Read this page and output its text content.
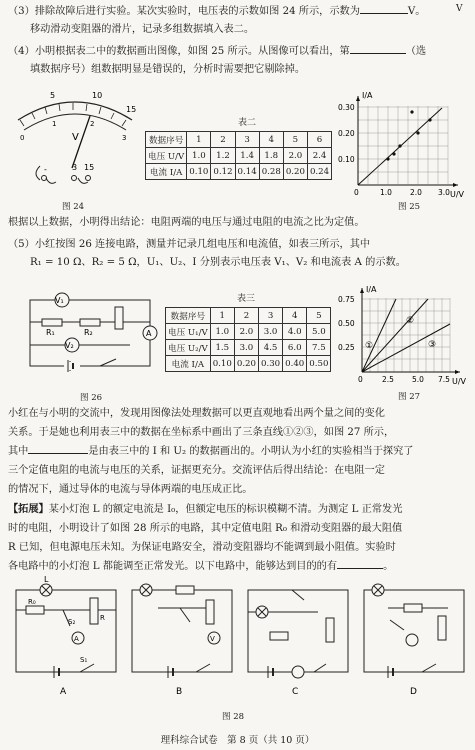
（3）排除故障后进行实验。某次实验时，电压表的示数如图 24 所示，示数为	V。
移动滑动变阻器的滑片，记录多组数据填入表二。
V
（4）小明根据表二中的数据画出图像，如图 25 所示。从图像可以看出，第	（选
填数据序号）组数据明显是错误的，分析时需要把它剔除掉。
5	10
15
0
1	2
3
V
-	3 15
图 24
表二
数据序号	1	2	3	4	5	6
电压 U/V	1.0	1.2	1.4	1.8	2.0	2.4
电流 I/A	0.10	0.12	0.14	0.28	0.20	0.24
I/A
U/V
0.30
0.20
0.10
0	1.0 2.0 3.0
图 25
根据以上数据，小明得出结论：电阻两端的电压与通过电阻的电流之比为定值。
（5）小红按图 26 连接电路，测量并记录几组电压和电流值，如表三所示，其中
R₁ = 10 Ω、R₂ = 5 Ω，U₁、U₂、I 分别表示电压表 V₁、V₂ 和电流表 A 的示数。
V₁
R₁	R₂
V₂
A
图 26
表三
数据序号	1	2	3	4	5
电压 U₁/V	1.0	2.0	3.0	4.0	5.0
电压 U₂/V	1.5	3.0	4.5	6.0	7.5
电流 I/A	0.10	0.20	0.30	0.40	0.50
①
②
③
I/A
U/V
0.75
0.50
0.25
0	2.5 5.0 7.5
图 27
小红在与小明的交流中，发现用图像法处理数据可以更直观地看出两个量之间的变化
关系。于是她也利用表三中的数据在坐标系中画出了三条直线①②③，如图 27 所示，
其中	是由表三中的 I 和 U₂ 的数据画出的。小明认为小红的实验相当于探究了
三个定值电阻的电流与电压的关系，证据更充分。交流评估后得出结论：在电阻一定
的情况下，通过导体的电流与导体两端的电压成正比。
【拓展】某小灯泡 L 的额定电流是 I₀，但额定电压的标识模糊不清。为测定 L 正常发光
时的电阻，小明设计了如图 28 所示的电路，其中定值电阻 R₀ 和滑动变阻器的最大阻值
R 已知，但电源电压未知。为保证电路安全，滑动变阻器均不能调到最小阻值。实验时
各电路中的小灯泡 L 都能调至正常发光。以下电路中，能够达到目的的有	。
L
R₀
R
S₂
A
S₁
V
A	B	C	D
图 28
理科综合试卷　第 8 页（共 10 页）
